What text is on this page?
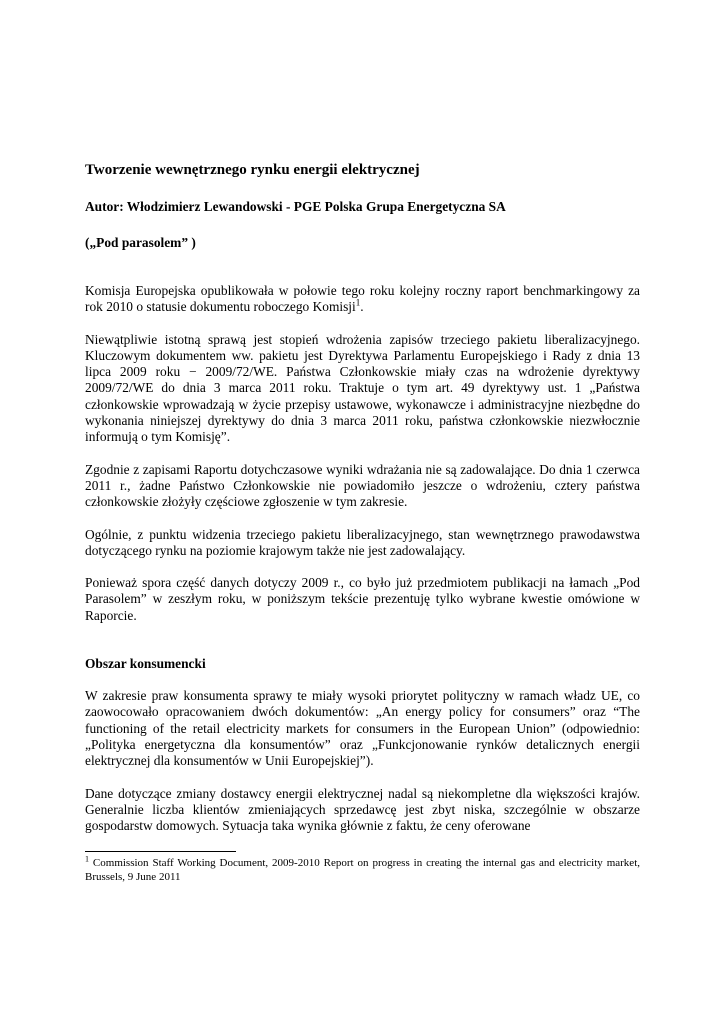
Tworzenie wewnętrznego rynku energii elektrycznej

Autor: Włodzimierz Lewandowski - PGE Polska Grupa Energetyczna SA

(„Pod parasolem” )

Komisja Europejska opublikowała w połowie tego roku kolejny roczny raport benchmarkingowy za rok 2010 o statusie dokumentu roboczego Komisji$^1$.

Niewątpliwie istotną sprawą jest stopień wdrożenia zapisów trzeciego pakietu liberalizacyjnego. Kluczowym dokumentem ww. pakietu jest Dyrektywa Parlamentu Europejskiego i Rady z dnia 13 lipca 2009 roku − 2009/72/WE. Państwa Członkowskie miały czas na wdrożenie dyrektywy 2009/72/WE do dnia 3 marca 2011 roku. Traktuje o tym art. 49 dyrektywy ust. 1 „Państwa członkowskie wprowadzają w życie przepisy ustawowe, wykonawcze i administracyjne niezbędne do wykonania niniejszej dyrektywy do dnia 3 marca 2011 roku, państwa członkowskie niezwłocznie informują o tym Komisję”.

Zgodnie z zapisami Raportu dotychczasowe wyniki wdrażania nie są zadowalające. Do dnia 1 czerwca 2011 r., żadne Państwo Członkowskie nie powiadomiło jeszcze o wdrożeniu, cztery państwa członkowskie złożyły częściowe zgłoszenie w tym zakresie.

Ogólnie, z punktu widzenia trzeciego pakietu liberalizacyjnego, stan wewnętrznego prawodawstwa dotyczącego rynku na poziomie krajowym także nie jest zadowalający.

Ponieważ spora część danych dotyczy 2009 r., co było już przedmiotem publikacji na łamach „Pod Parasolem” w zeszłym roku, w poniższym tekście prezentuję tylko wybrane kwestie omówione w Raporcie.

Obszar konsumencki

W zakresie praw konsumenta sprawy te miały wysoki priorytet polityczny w ramach władz UE, co zaowocowało opracowaniem dwóch dokumentów: „An energy policy for consumers” oraz “The functioning of the retail electricity markets for consumers in the European Union” (odpowiednio: „Polityka energetyczna dla konsumentów” oraz „Funkcjonowanie rynków detalicznych energii elektrycznej dla konsumentów w Unii Europejskiej”).

Dane dotyczące zmiany dostawcy energii elektrycznej nadal są niekompletne dla większości krajów. Generalnie liczba klientów zmieniających sprzedawcę jest zbyt niska, szczególnie w obszarze gospodarstw domowych. Sytuacja taka wynika głównie z faktu, że ceny oferowane

$^1$ Commission Staff Working Document, 2009-2010 Report on progress in creating the internal gas and electricity market, Brussels, 9 June 2011
